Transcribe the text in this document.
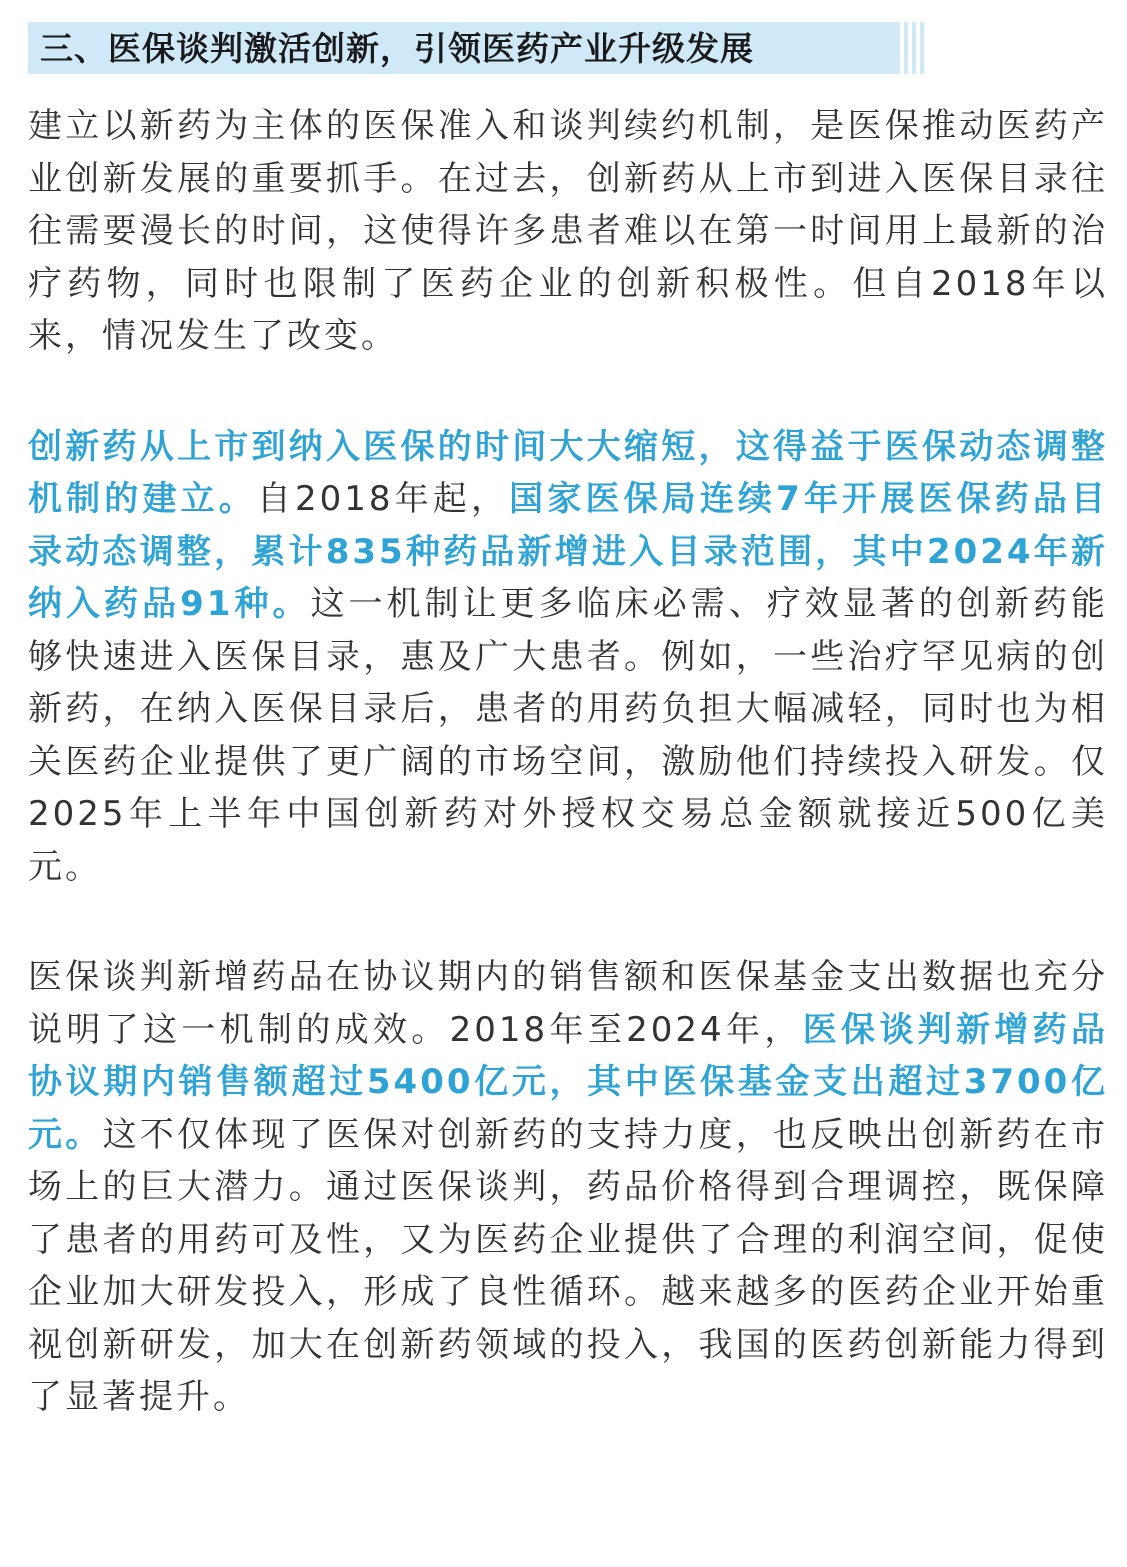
三、医保谈判激活创新，引领医药产业升级发展

建立以新药为主体的医保准入和谈判续约机制，是医保推动医药产业创新发展的重要抓手。在过去，创新药从上市到进入医保目录往往需要漫长的时间，这使得许多患者难以在第一时间用上最新的治疗药物，同时也限制了医药企业的创新积极性。但自2018年以来，情况发生了改变。

创新药从上市到纳入医保的时间大大缩短，这得益于医保动态调整机制的建立。自2018年起，国家医保局连续7年开展医保药品目录动态调整，累计835种药品新增进入目录范围，其中2024年新纳入药品91种。这一机制让更多临床必需、疗效显著的创新药能够快速进入医保目录，惠及广大患者。例如，一些治疗罕见病的创新药，在纳入医保目录后，患者的用药负担大幅减轻，同时也为相关医药企业提供了更广阔的市场空间，激励他们持续投入研发。仅2025年上半年中国创新药对外授权交易总金额就接近500亿美元。

医保谈判新增药品在协议期内的销售额和医保基金支出数据也充分说明了这一机制的成效。2018年至2024年，医保谈判新增药品协议期内销售额超过5400亿元，其中医保基金支出超过3700亿元。这不仅体现了医保对创新药的支持力度，也反映出创新药在市场上的巨大潜力。通过医保谈判，药品价格得到合理调控，既保障了患者的用药可及性，又为医药企业提供了合理的利润空间，促使企业加大研发投入，形成了良性循环。越来越多的医药企业开始重视创新研发，加大在创新药领域的投入，我国的医药创新能力得到了显著提升。
